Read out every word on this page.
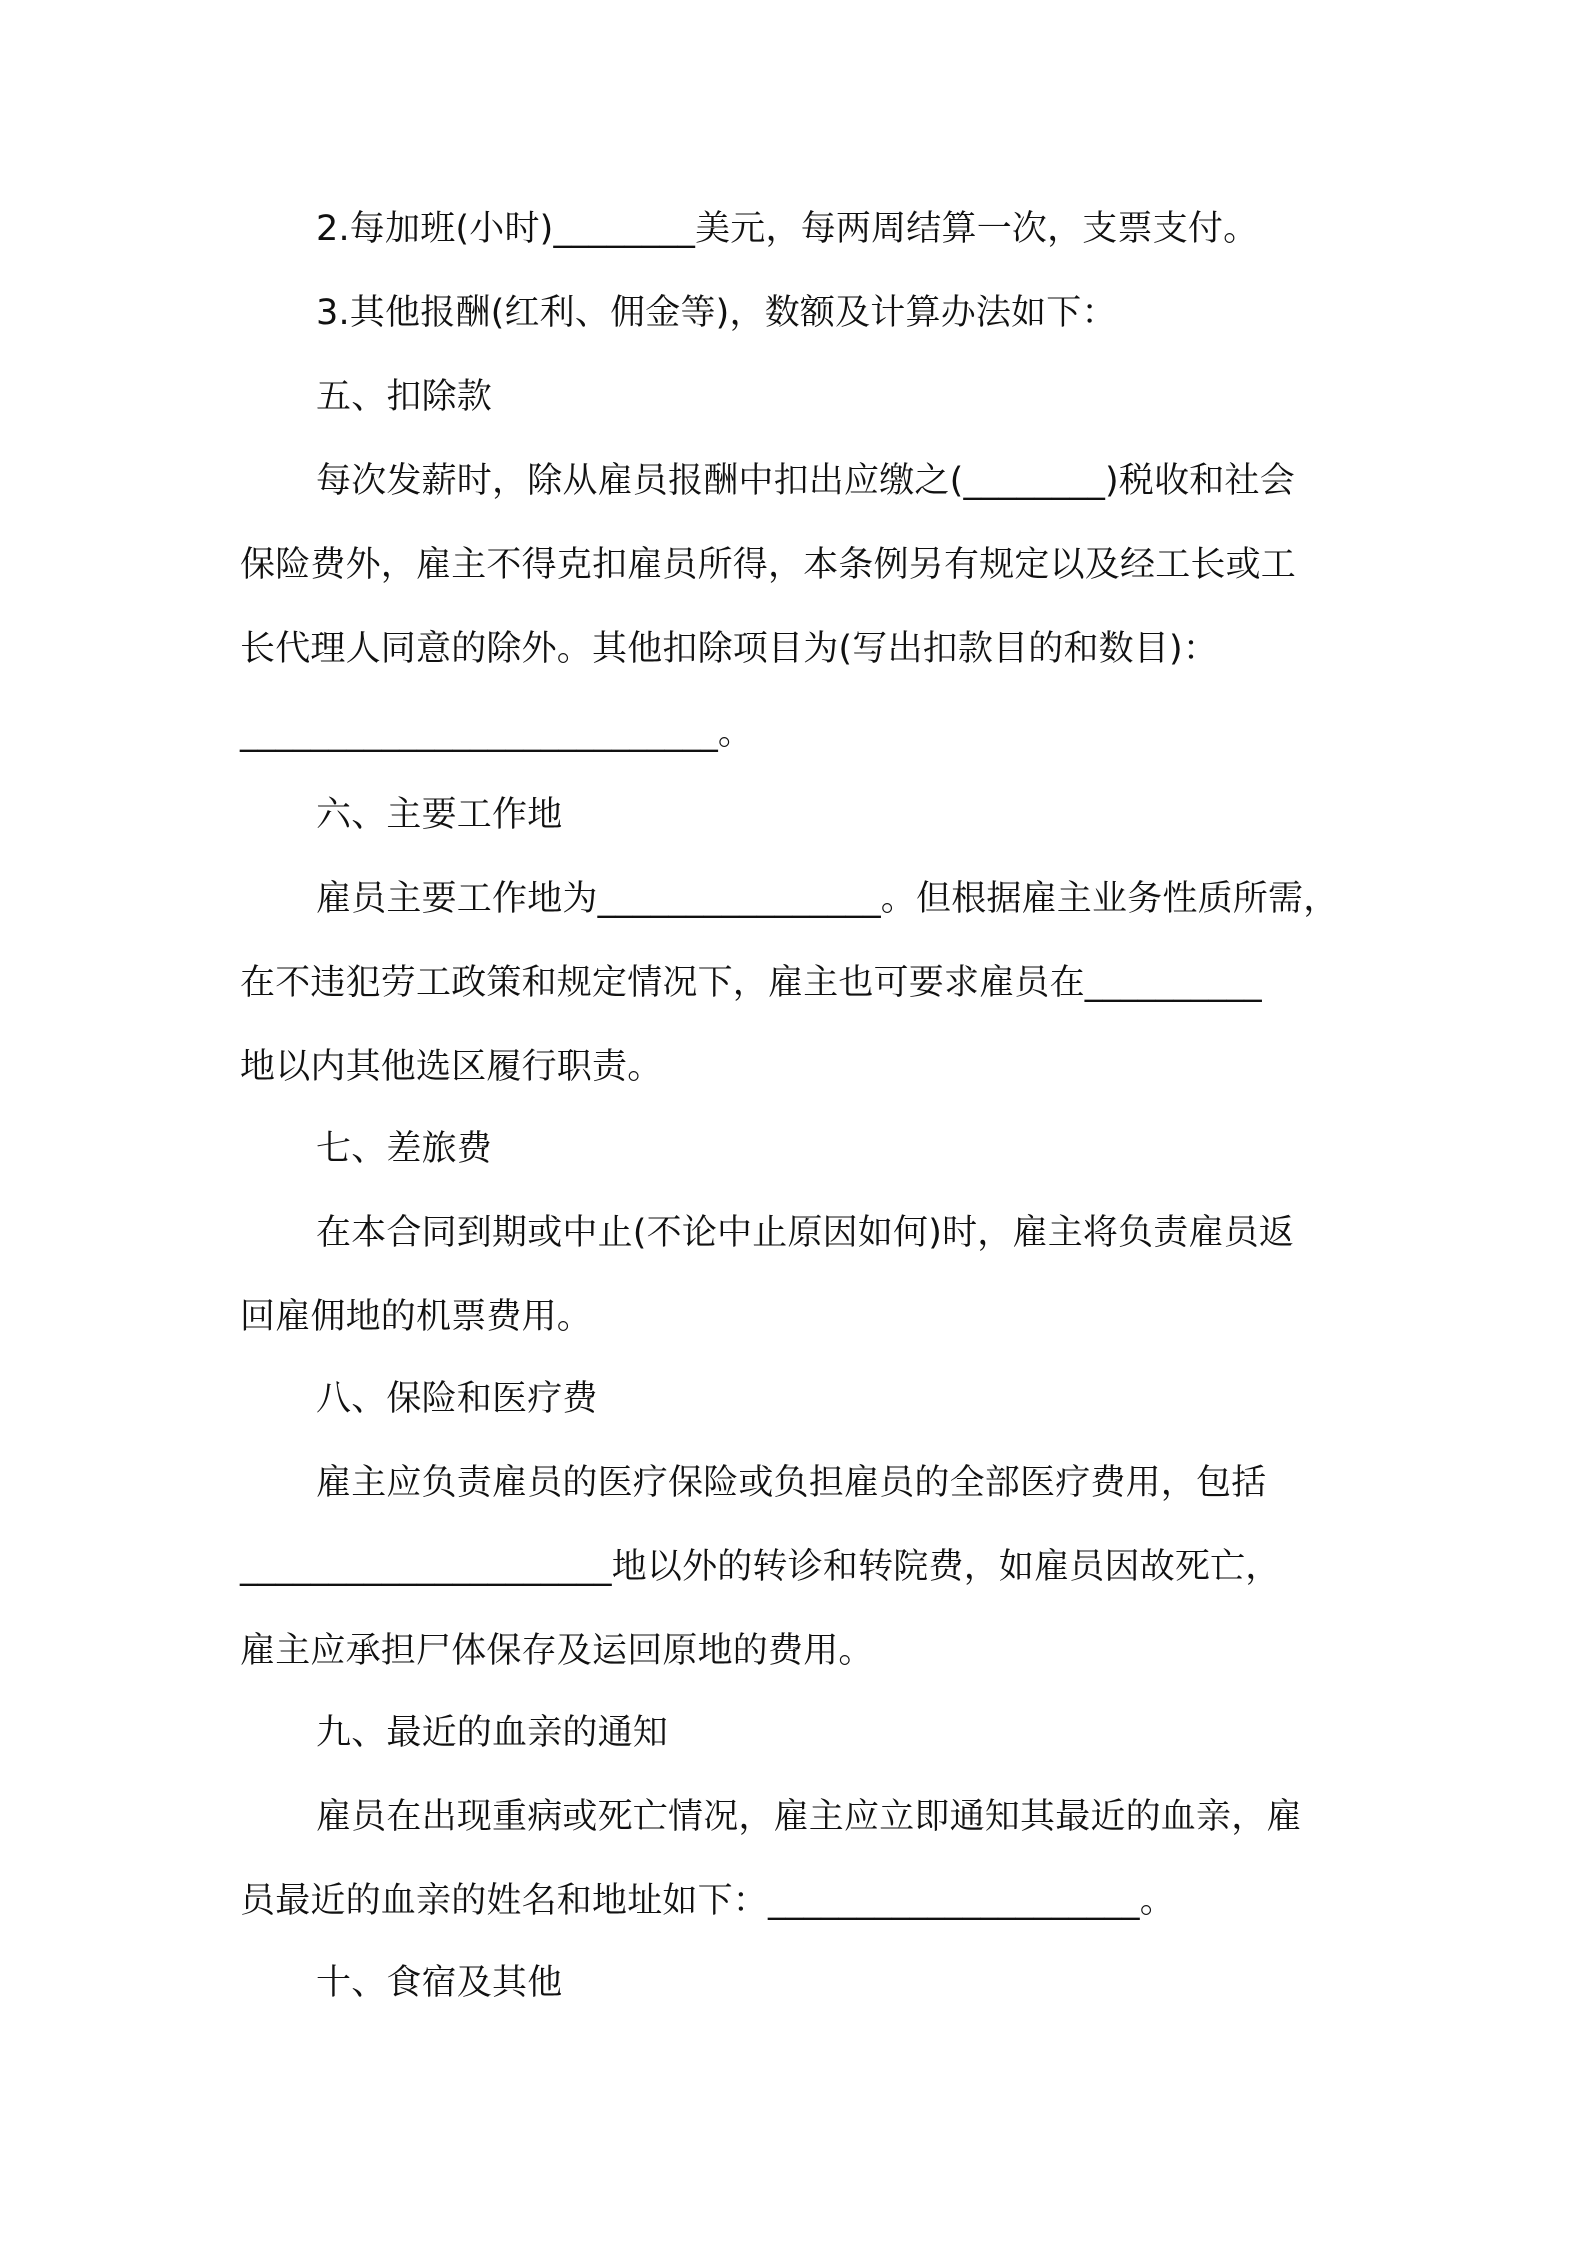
2.每加班(小时)________美元，每两周结算一次，支票支付。
3.其他报酬(红利、佣金等)，数额及计算办法如下：
五、扣除款
每次发薪时，除从雇员报酬中扣出应缴之(________)税收和社会
保险费外，雇主不得克扣雇员所得，本条例另有规定以及经工长或工
长代理人同意的除外。其他扣除项目为(写出扣款目的和数目)：
___________________________。
六、主要工作地
雇员主要工作地为________________。但根据雇主业务性质所需，
在不违犯劳工政策和规定情况下，雇主也可要求雇员在__________
地以内其他选区履行职责。
七、差旅费
在本合同到期或中止(不论中止原因如何)时，雇主将负责雇员返
回雇佣地的机票费用。
八、保险和医疗费
雇主应负责雇员的医疗保险或负担雇员的全部医疗费用，包括
_____________________地以外的转诊和转院费，如雇员因故死亡，
雇主应承担尸体保存及运回原地的费用。
九、最近的血亲的通知
雇员在出现重病或死亡情况，雇主应立即通知其最近的血亲，雇
员最近的血亲的姓名和地址如下：_____________________。
十、食宿及其他
